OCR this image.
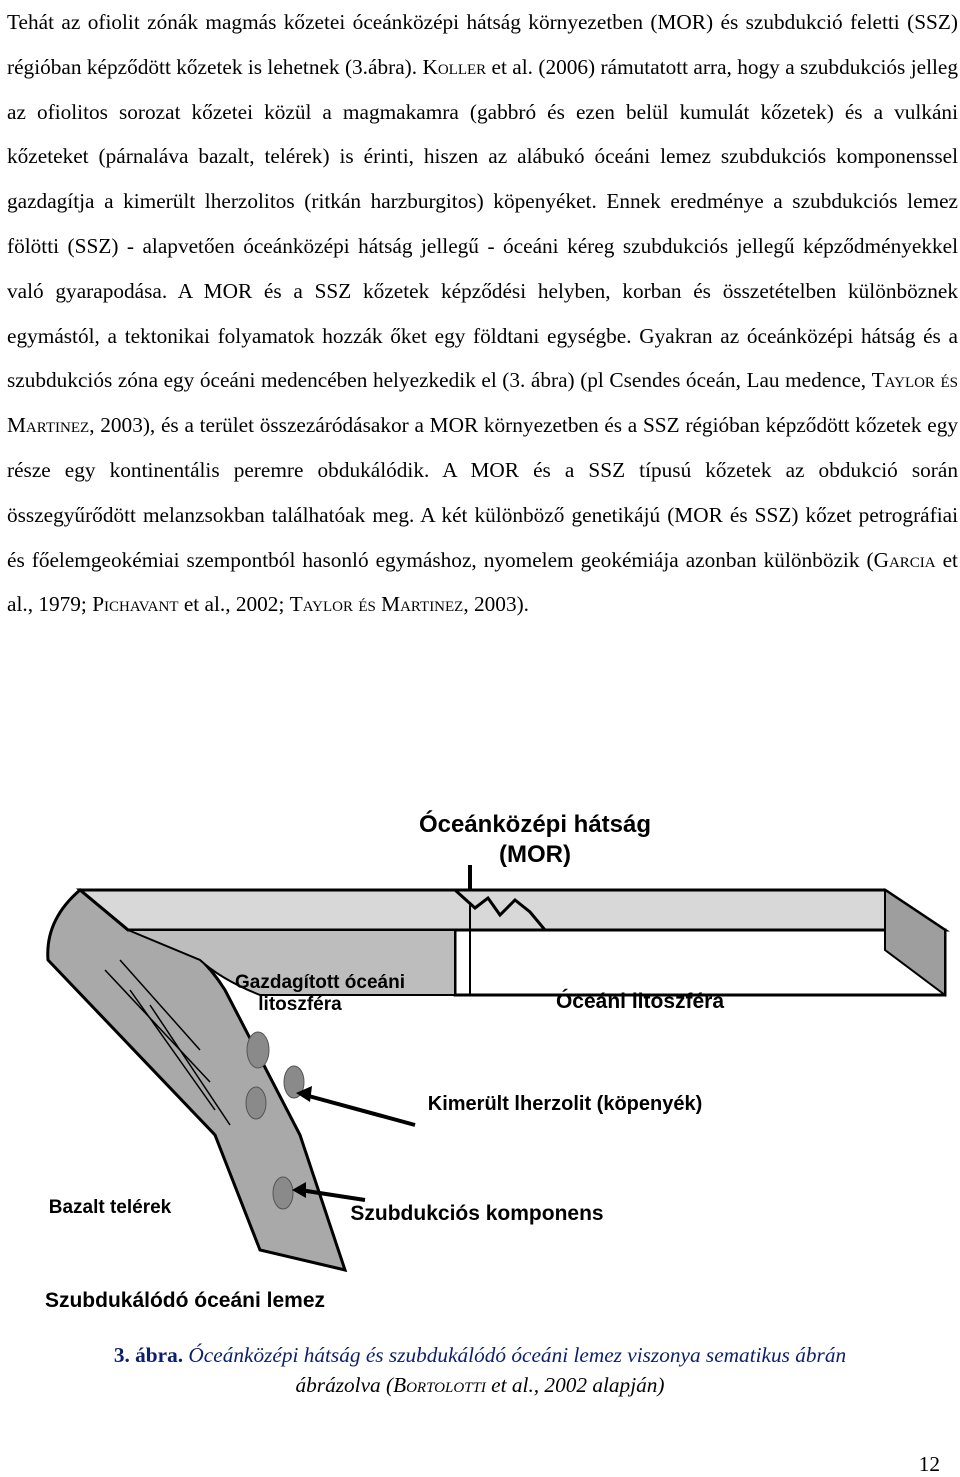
Tehát az ofiolit zónák magmás kőzetei óceánközépi hátság környezetben (MOR) és szubdukció feletti (SSZ) régióban képződött kőzetek is lehetnek (3.ábra). Koller et al. (2006) rámutatott arra, hogy a szubdukciós jelleg az ofiolitos sorozat kőzetei közül a magmakamra (gabbró és ezen belül kumulát kőzetek) és a vulkáni kőzeteket (párnaláva bazalt, telérek) is érinti, hiszen az alábukó óceáni lemez szubdukciós komponenssel gazdagítja a kimerült lherzolitos (ritkán harzburgitos) köpenyéket. Ennek eredménye a szubdukciós lemez fölötti (SSZ) - alapvetően óceánközépi hátság jellegű - óceáni kéreg szubdukciós jellegű képződményekkel való gyarapodása. A MOR és a SSZ kőzetek képződési helyben, korban és összetételben különböznek egymástól, a tektonikai folyamatok hozzák őket egy földtani egységbe. Gyakran az óceánközépi hátság és a szubdukciós zóna egy óceáni medencében helyezkedik el (3. ábra) (pl Csendes óceán, Lau medence, Taylor és Martinez, 2003), és a terület összezáródásakor a MOR környezetben és a SSZ régióban képződött kőzetek egy része egy kontinentális peremre obdukálódik. A MOR és a SSZ típusú kőzetek az obdukció során összegyűrődött melanzsokban találhatóak meg. A két különböző genetikájú (MOR és SSZ) kőzet petrográfiai és főelemgeokémiai szempontból hasonló egymáshoz, nyomelem geokémiája azonban különbözik (Garcia et al., 1979; Pichavant et al., 2002; Taylor és Martinez, 2003).

Óceánközépi hátság
(MOR)
Gazdagított óceáni
litoszféra	Óceáni litoszféra
Kimerült lherzolit (köpenyék)
Bazalt telérek	Szubdukciós komponens
Szubdukálódó óceáni lemez
3. ábra. Óceánközépi hátság és szubdukálódó óceáni lemez viszonya sematikus ábrán
ábrázolva (Bortolotti et al., 2002 alapján)
12
